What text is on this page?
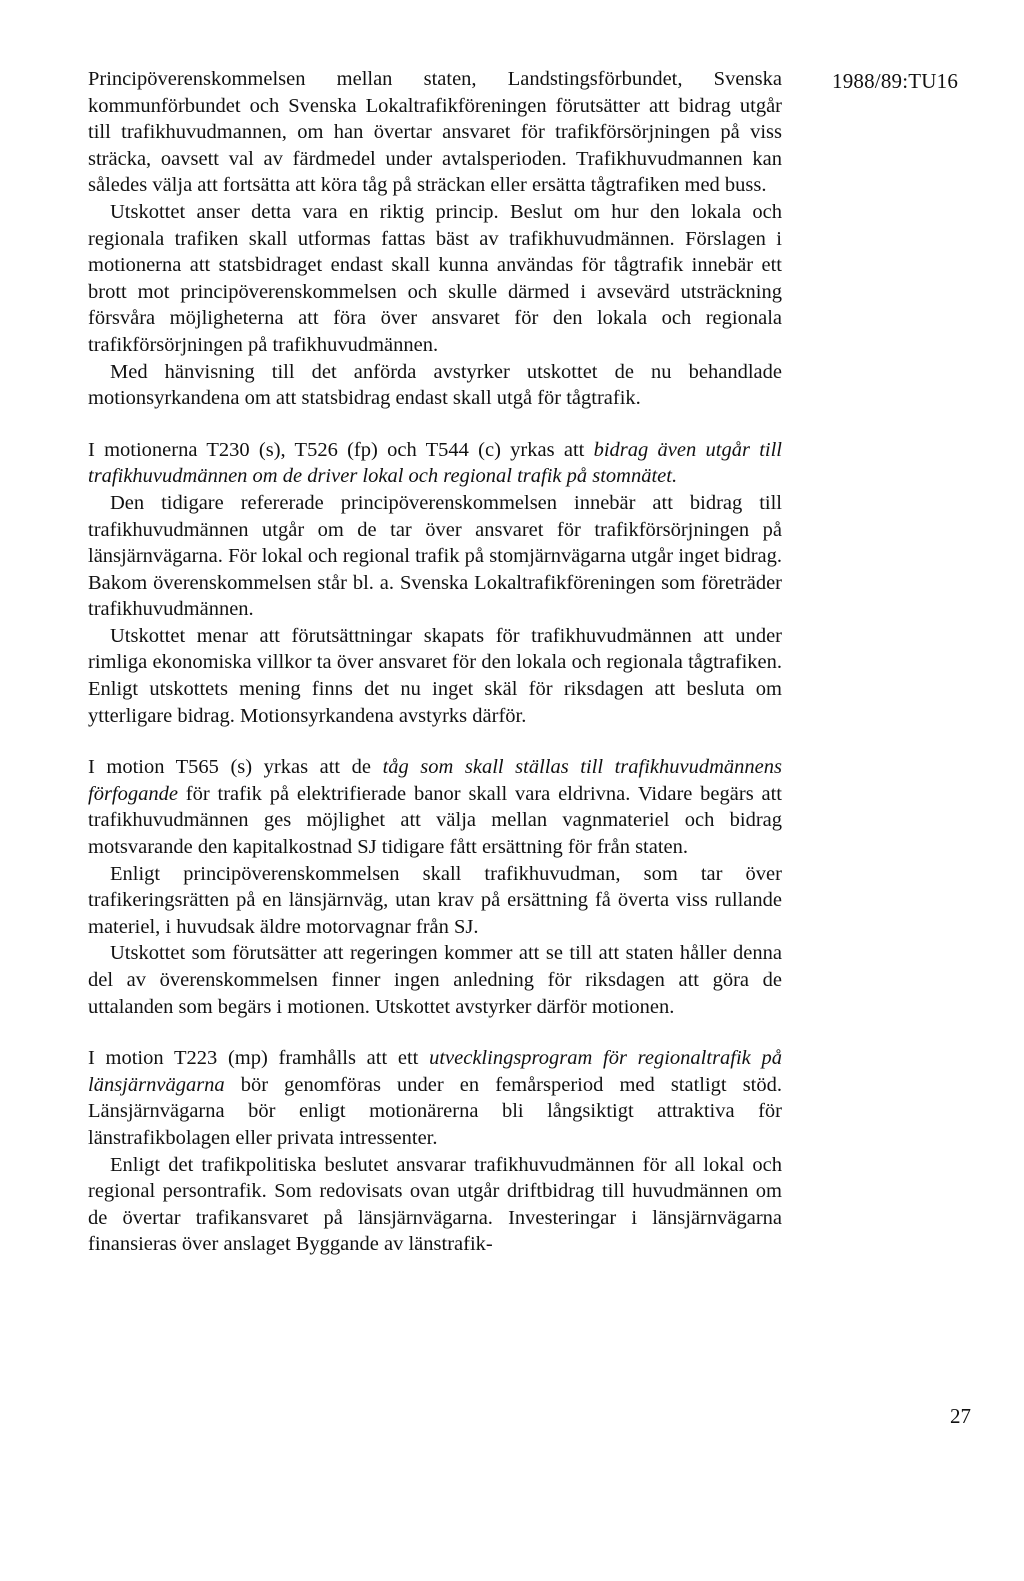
1988/89:TU16

Principöverenskommelsen mellan staten, Landstingsförbundet, Svenska kommunförbundet och Svenska Lokaltrafikföreningen förutsätter att bidrag utgår till trafikhuvudmannen, om han övertar ansvaret för trafikförsörjningen på viss sträcka, oavsett val av färdmedel under avtalsperioden. Trafikhuvudmannen kan således välja att fortsätta att köra tåg på sträckan eller ersätta tågtrafiken med buss.

Utskottet anser detta vara en riktig princip. Beslut om hur den lokala och regionala trafiken skall utformas fattas bäst av trafikhuvudmännen. Förslagen i motionerna att statsbidraget endast skall kunna användas för tågtrafik innebär ett brott mot principöverenskommelsen och skulle därmed i avsevärd utsträckning försvåra möjligheterna att föra över ansvaret för den lokala och regionala trafikförsörjningen på trafikhuvudmännen.

Med hänvisning till det anförda avstyrker utskottet de nu behandlade motionsyrkandena om att statsbidrag endast skall utgå för tågtrafik.

I motionerna T230 (s), T526 (fp) och T544 (c) yrkas att bidrag även utgår till trafikhuvudmännen om de driver lokal och regional trafik på stomnätet.

Den tidigare refererade principöverenskommelsen innebär att bidrag till trafikhuvudmännen utgår om de tar över ansvaret för trafikförsörjningen på länsjärnvägarna. För lokal och regional trafik på stomjärnvägarna utgår inget bidrag. Bakom överenskommelsen står bl. a. Svenska Lokaltrafikföreningen som företräder trafikhuvudmännen.

Utskottet menar att förutsättningar skapats för trafikhuvudmännen att under rimliga ekonomiska villkor ta över ansvaret för den lokala och regionala tågtrafiken. Enligt utskottets mening finns det nu inget skäl för riksdagen att besluta om ytterligare bidrag. Motionsyrkandena avstyrks därför.

I motion T565 (s) yrkas att de tåg som skall ställas till trafikhuvudmännens förfogande för trafik på elektrifierade banor skall vara eldrivna. Vidare begärs att trafikhuvudmännen ges möjlighet att välja mellan vagnmateriel och bidrag motsvarande den kapitalkostnad SJ tidigare fått ersättning för från staten.

Enligt principöverenskommelsen skall trafikhuvudman, som tar över trafikeringsrätten på en länsjärnväg, utan krav på ersättning få överta viss rullande materiel, i huvudsak äldre motorvagnar från SJ.

Utskottet som förutsätter att regeringen kommer att se till att staten håller denna del av överenskommelsen finner ingen anledning för riksdagen att göra de uttalanden som begärs i motionen. Utskottet avstyrker därför motionen.

I motion T223 (mp) framhålls att ett utvecklingsprogram för regionaltrafik på länsjärnvägarna bör genomföras under en femårsperiod med statligt stöd. Länsjärnvägarna bör enligt motionärerna bli långsiktigt attraktiva för länstrafikbolagen eller privata intressenter.

Enligt det trafikpolitiska beslutet ansvarar trafikhuvudmännen för all lokal och regional persontrafik. Som redovisats ovan utgår driftbidrag till huvudmännen om de övertar trafikansvaret på länsjärnvägarna. Investeringar i länsjärnvägarna finansieras över anslaget Byggande av länstrafik-

27
